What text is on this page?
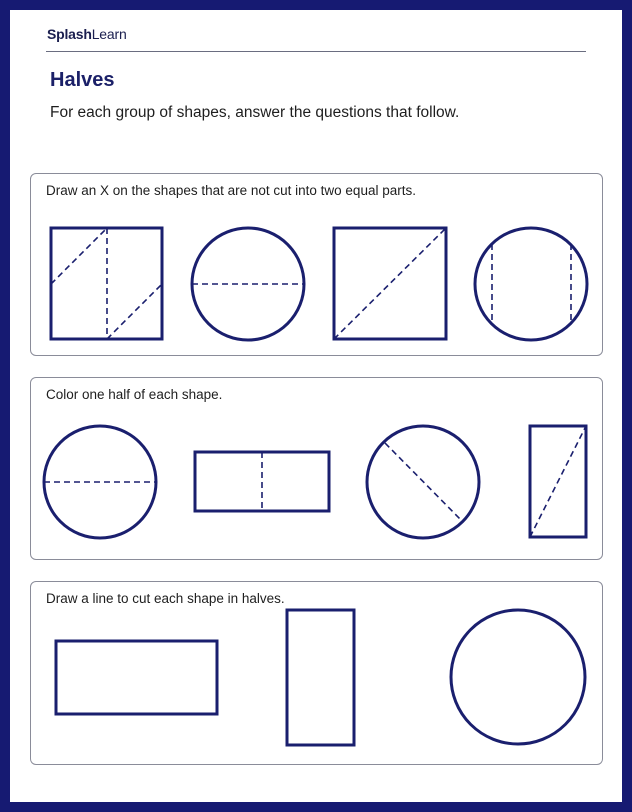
SplashLearn
Halves
For each group of shapes, answer the questions that follow.
Draw an X on the shapes that are not cut into two equal parts.
Color one half of each shape.
Draw a line to cut each shape in halves.
